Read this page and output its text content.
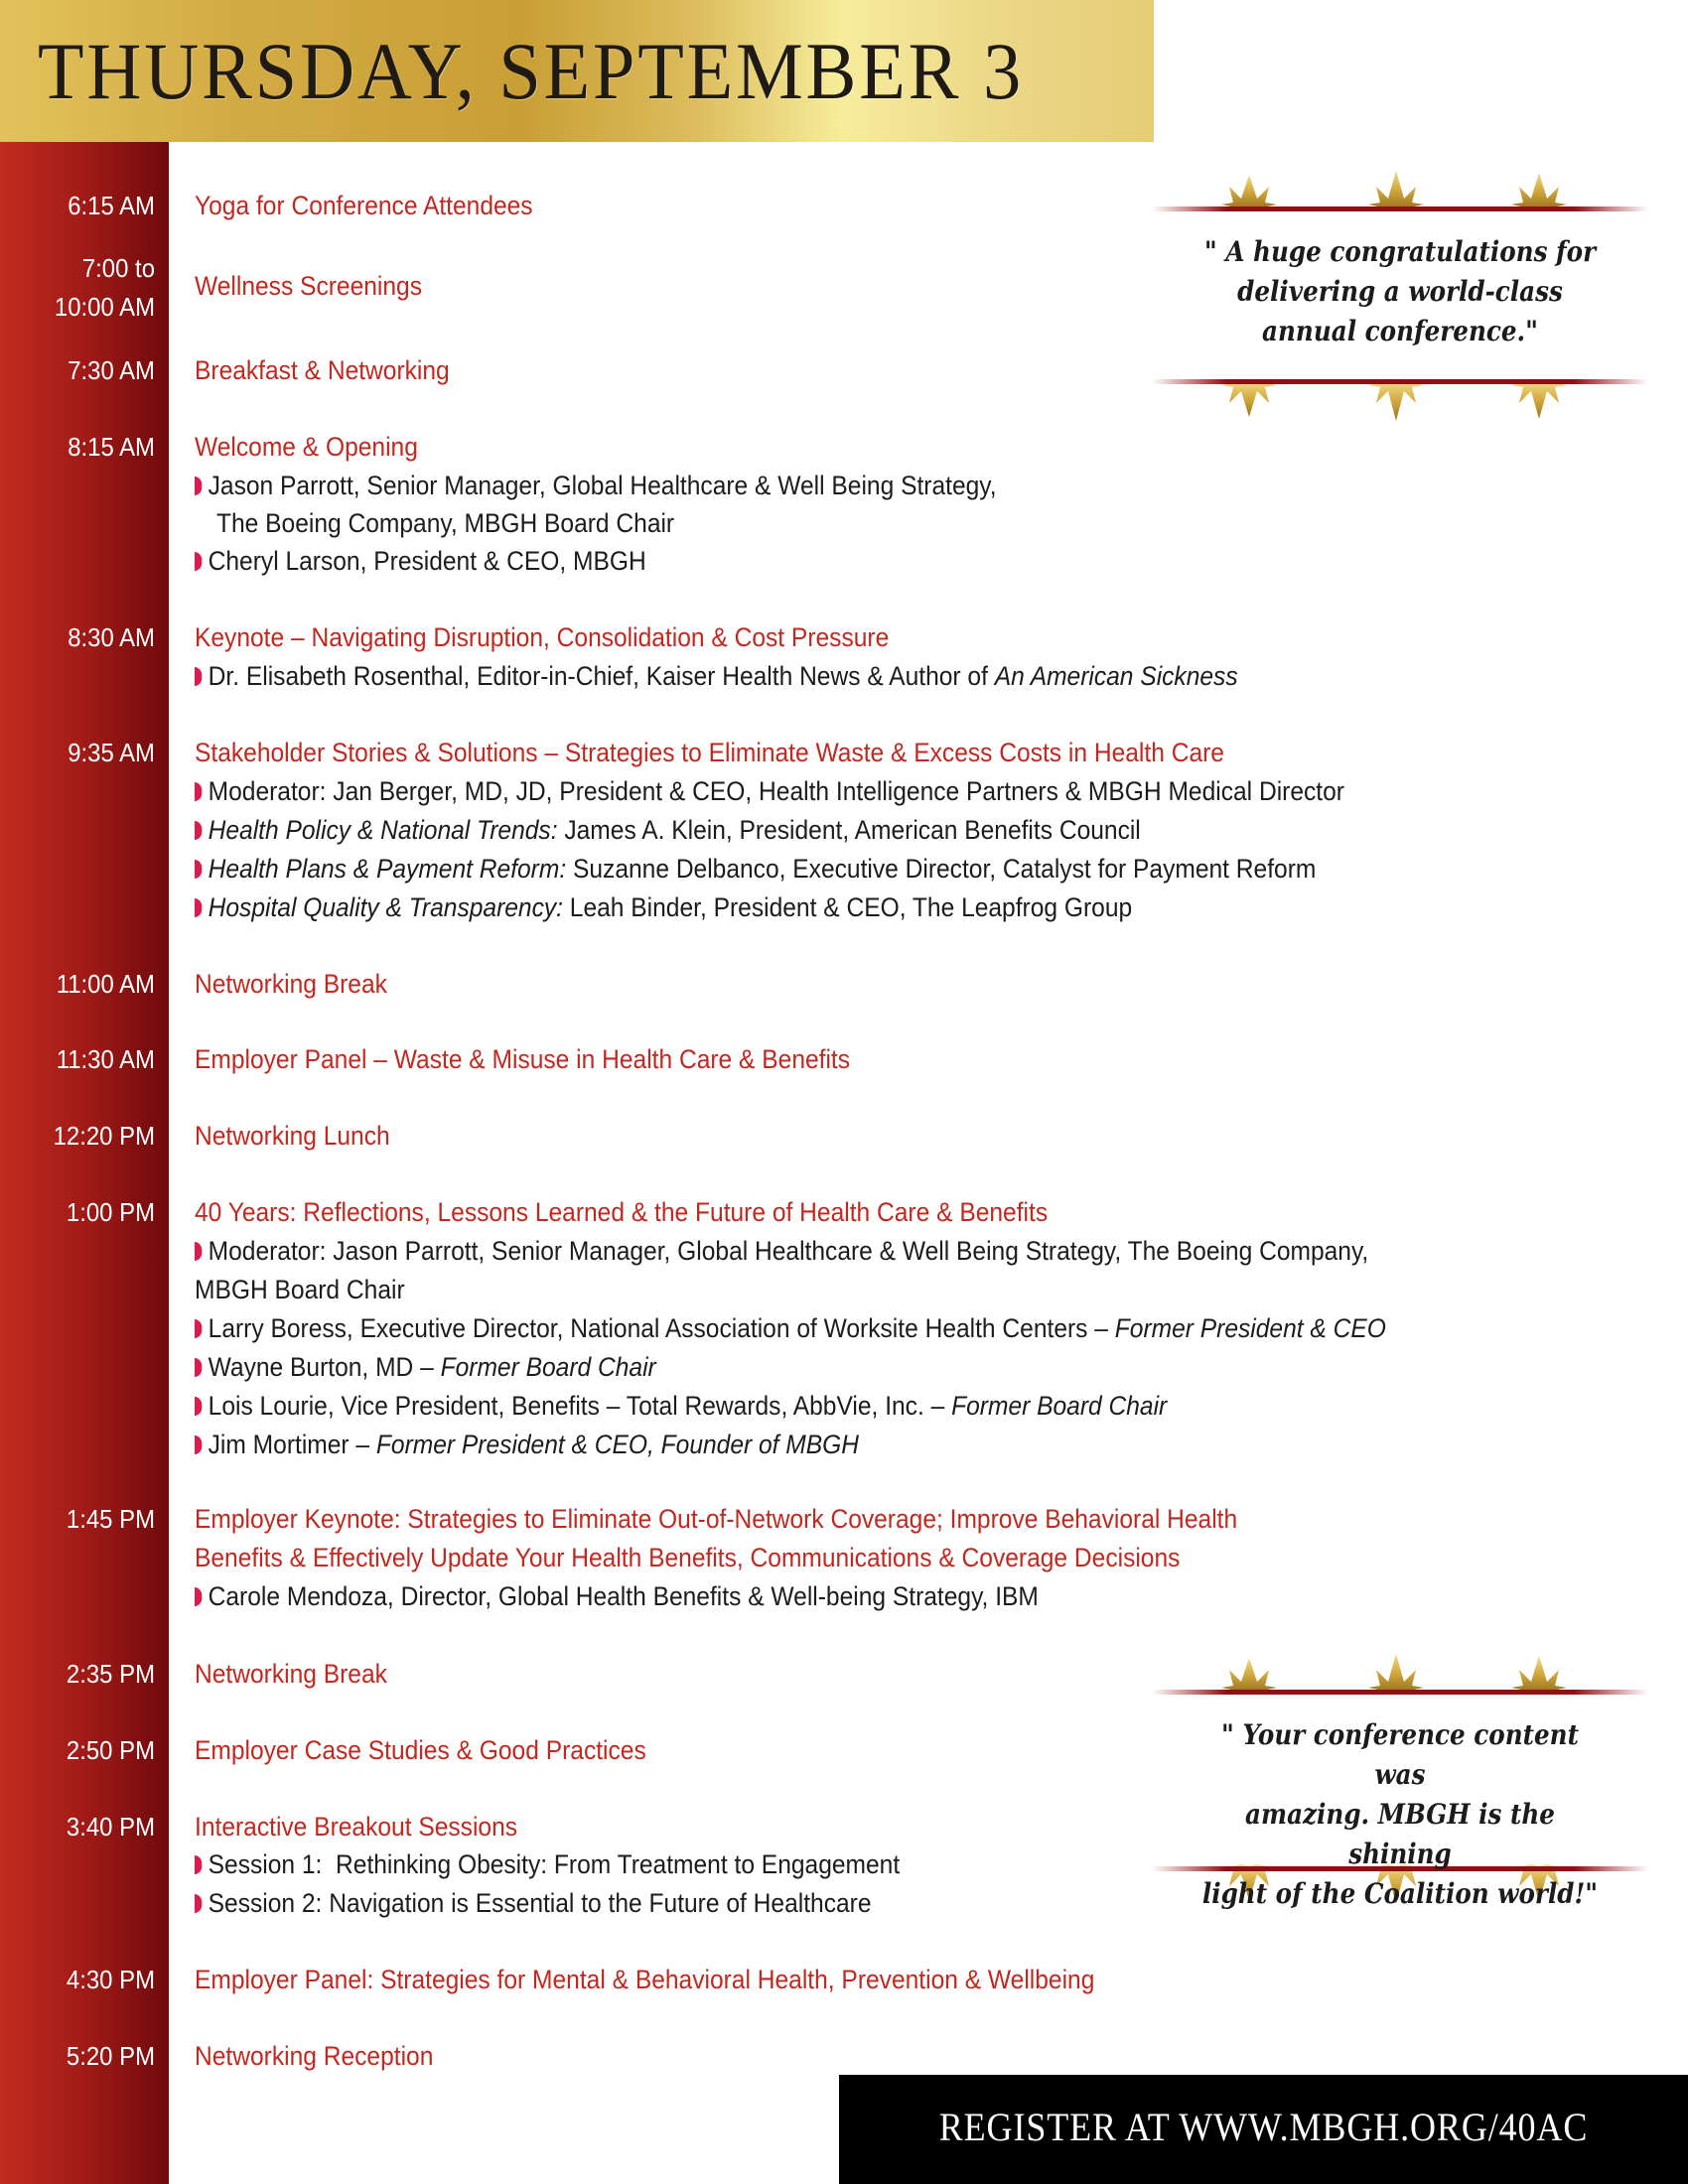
THURSDAY, SEPTEMBER 3
6:15 AM Yoga for Conference Attendees
7:00 to
10:00 AM
Wellness Screenings
7:30 AM Breakfast & Networking
8:15 AM Welcome & Opening
Jason Parrott, Senior Manager, Global Healthcare & Well Being Strategy,
The Boeing Company, MBGH Board Chair
Cheryl Larson, President & CEO, MBGH
8:30 AM Keynote – Navigating Disruption, Consolidation & Cost Pressure
Dr. Elisabeth Rosenthal, Editor-in-Chief, Kaiser Health News & Author of An American Sickness
9:35 AM Stakeholder Stories & Solutions – Strategies to Eliminate Waste & Excess Costs in Health Care
Moderator: Jan Berger, MD, JD, President & CEO, Health Intelligence Partners & MBGH Medical Director
Health Policy & National Trends: James A. Klein, President, American Benefits Council
Health Plans & Payment Reform: Suzanne Delbanco, Executive Director, Catalyst for Payment Reform
Hospital Quality & Transparency: Leah Binder, President & CEO, The Leapfrog Group
11:00 AM Networking Break
11:30 AM Employer Panel – Waste & Misuse in Health Care & Benefits
12:20 PM Networking Lunch
1:00 PM 40 Years: Reflections, Lessons Learned & the Future of Health Care & Benefits
Moderator: Jason Parrott, Senior Manager, Global Healthcare & Well Being Strategy, The Boeing Company,
MBGH Board Chair
Larry Boress, Executive Director, National Association of Worksite Health Centers – Former President & CEO
Wayne Burton, MD – Former Board Chair
Lois Lourie, Vice President, Benefits – Total Rewards, AbbVie, Inc. – Former Board Chair
Jim Mortimer – Former President & CEO, Founder of MBGH
1:45 PM Employer Keynote: Strategies to Eliminate Out-of-Network Coverage; Improve Behavioral Health
Benefits & Effectively Update Your Health Benefits, Communications & Coverage Decisions
Carole Mendoza, Director, Global Health Benefits & Well-being Strategy, IBM
2:35 PM Networking Break
2:50 PM Employer Case Studies & Good Practices
3:40 PM Interactive Breakout Sessions
Session 1:  Rethinking Obesity: From Treatment to Engagement
Session 2: Navigation is Essential to the Future of Healthcare
4:30 PM Employer Panel: Strategies for Mental & Behavioral Health, Prevention & Wellbeing
5:20 PM Networking Reception
" A huge congratulations for
delivering a world-class
annual conference."
" Your conference content was
amazing. MBGH is the shining
light of the Coalition world!"
REGISTER AT WWW.MBGH.ORG/40AC
